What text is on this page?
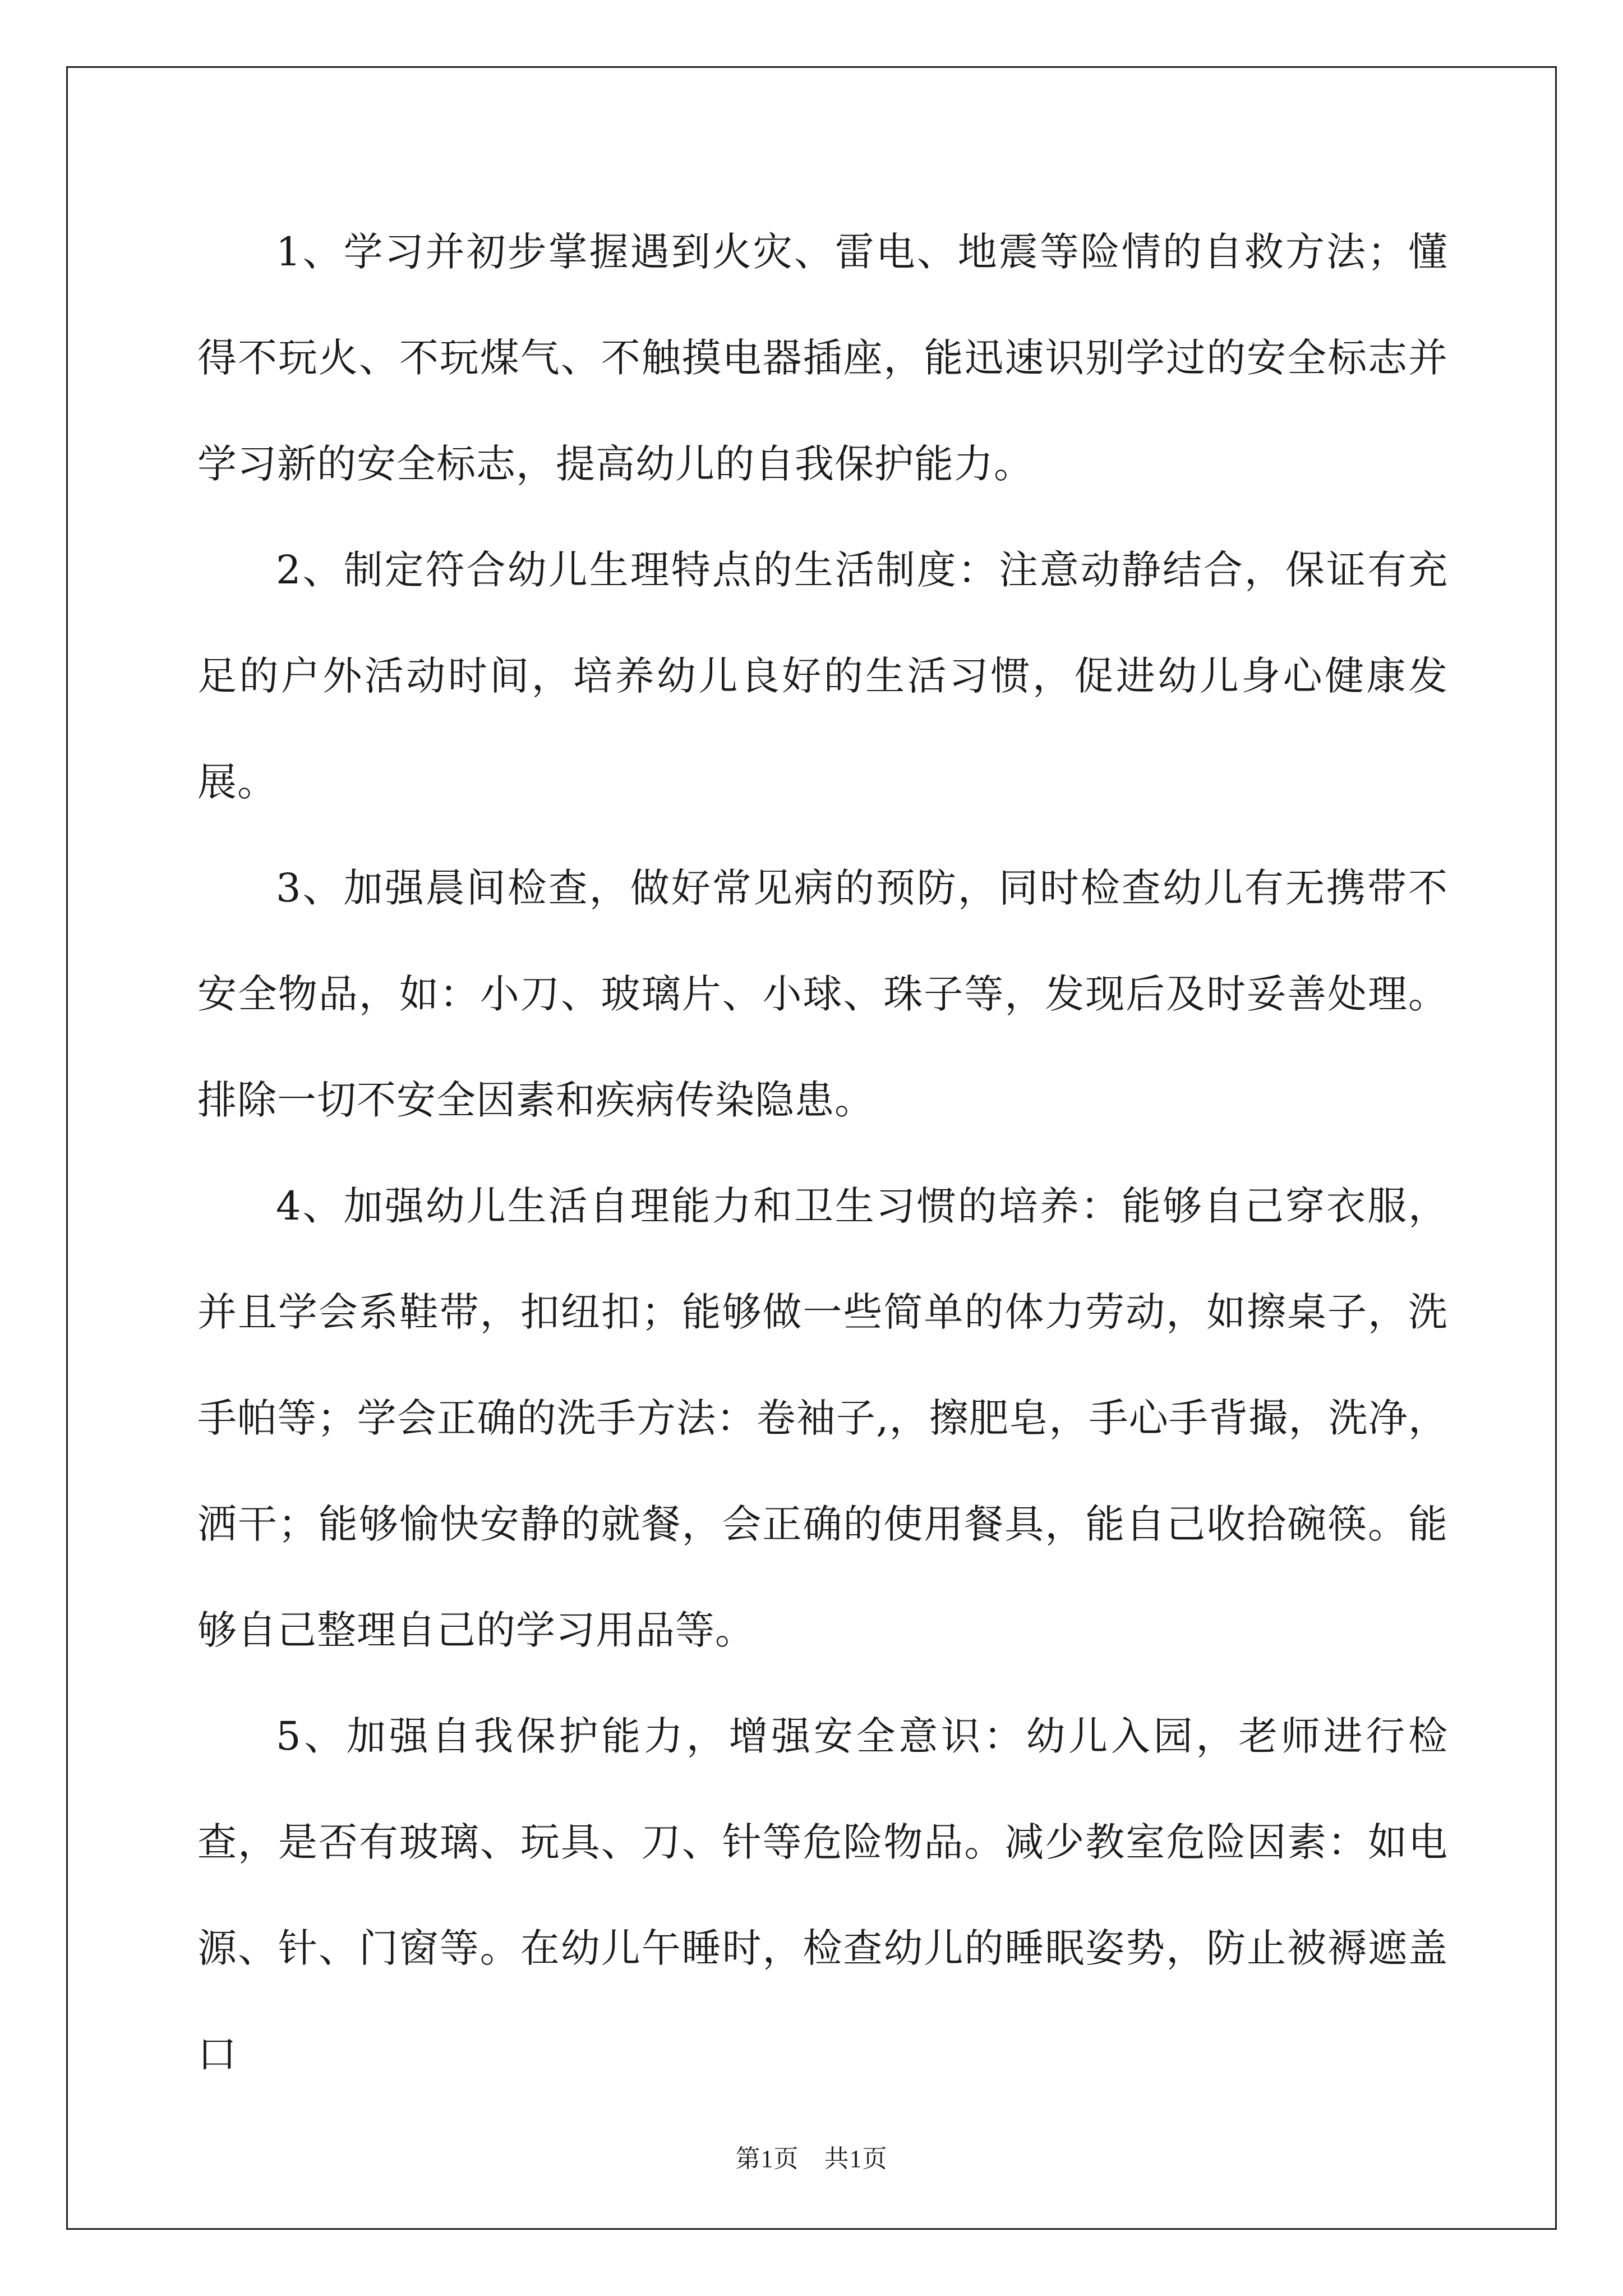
1、学习并初步掌握遇到火灾、雷电、地震等险情的自救方法；懂得不玩火、不玩煤气、不触摸电器插座，能迅速识别学过的安全标志并学习新的安全标志，提高幼儿的自我保护能力。

2、制定符合幼儿生理特点的生活制度：注意动静结合，保证有充足的户外活动时间，培养幼儿良好的生活习惯，促进幼儿身心健康发展。

3、加强晨间检查，做好常见病的预防，同时检查幼儿有无携带不安全物品，如：小刀、玻璃片、小球、珠子等，发现后及时妥善处理。排除一切不安全因素和疾病传染隐患。

4、加强幼儿生活自理能力和卫生习惯的培养：能够自己穿衣服，并且学会系鞋带，扣纽扣；能够做一些简单的体力劳动，如擦桌子，洗手帕等；学会正确的洗手方法：卷袖子,，擦肥皂，手心手背撮，洗净，洒干；能够愉快安静的就餐，会正确的使用餐具，能自己收拾碗筷。能够自己整理自己的学习用品等。

5、加强自我保护能力，增强安全意识：幼儿入园，老师进行检查，是否有玻璃、玩具、刀、针等危险物品。减少教室危险因素：如电源、针、门窗等。在幼儿午睡时，检查幼儿的睡眠姿势，防止被褥遮盖口

第1页　共1页
